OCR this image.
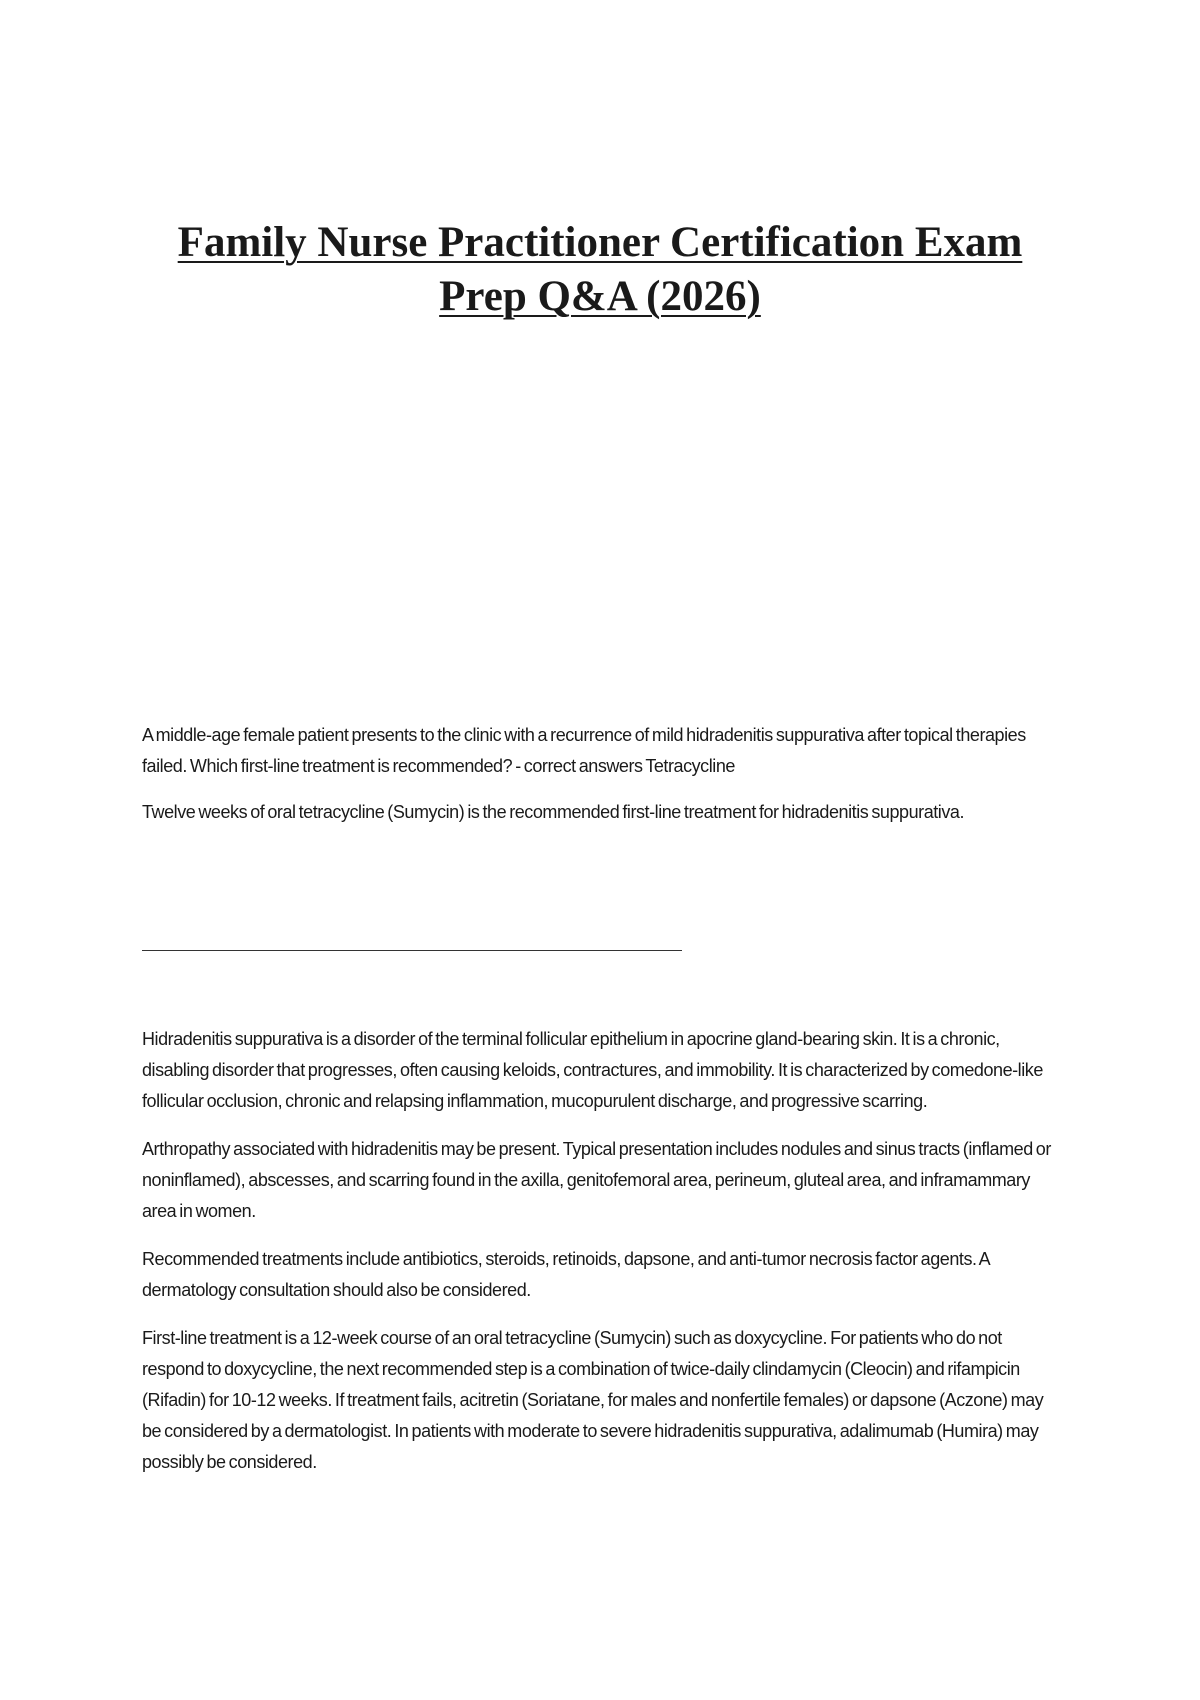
Family Nurse Practitioner Certification Exam
Prep Q&A (2026)

A middle-age female patient presents to the clinic with a recurrence of mild hidradenitis suppurativa after topical therapies failed. Which first-line treatment is recommended? - correct answers Tetracycline

Twelve weeks of oral tetracycline (Sumycin) is the recommended first-line treatment for hidradenitis suppurativa.

Hidradenitis suppurativa is a disorder of the terminal follicular epithelium in apocrine gland-bearing skin. It is a chronic, disabling disorder that progresses, often causing keloids, contractures, and immobility. It is characterized by comedone-like follicular occlusion, chronic and relapsing inflammation, mucopurulent discharge, and progressive scarring.

Arthropathy associated with hidradenitis may be present. Typical presentation includes nodules and sinus tracts (inflamed or noninflamed), abscesses, and scarring found in the axilla, genitofemoral area, perineum, gluteal area, and inframammary area in women.

Recommended treatments include antibiotics, steroids, retinoids, dapsone, and anti-tumor necrosis factor agents. A dermatology consultation should also be considered.

First-line treatment is a 12-week course of an oral tetracycline (Sumycin) such as doxycycline. For patients who do not respond to doxycycline, the next recommended step is a combination of twice-daily clindamycin (Cleocin) and rifampicin (Rifadin) for 10-12 weeks. If treatment fails, acitretin (Soriatane, for males and nonfertile females) or dapsone (Aczone) may be considered by a dermatologist. In patients with moderate to severe hidradenitis suppurativa, adalimumab (Humira) may possibly be considered.
